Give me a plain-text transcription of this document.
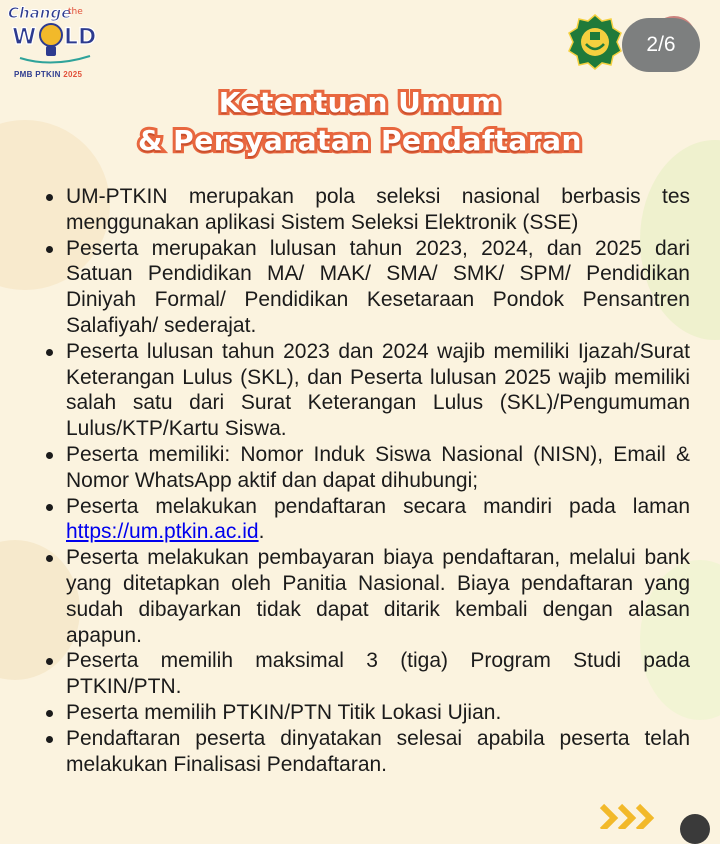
Change
the
W LD
PMB PTKIN 2025
2/6
Ketentuan Umum
& Persyaratan Pendaftaran
UM-PTKIN merupakan pola seleksi nasional berbasis tes menggunakan aplikasi Sistem Seleksi Elektronik (SSE)
Peserta merupakan lulusan tahun 2023, 2024, dan 2025 dari Satuan Pendidikan MA/ MAK/ SMA/ SMK/ SPM/ Pendidikan Diniyah Formal/ Pendidikan Kesetaraan Pondok Pensantren Salafiyah/ sederajat.
Peserta lulusan tahun 2023 dan 2024 wajib memiliki Ijazah/Surat Keterangan Lulus (SKL), dan Peserta lulusan 2025 wajib memiliki salah satu dari Surat Keterangan Lulus (SKL)/Pengumuman Lulus/KTP/Kartu Siswa.
Peserta memiliki: Nomor Induk Siswa Nasional (NISN), Email & Nomor WhatsApp aktif dan dapat dihubungi;
Peserta melakukan pendaftaran secara mandiri pada laman https://um.ptkin.ac.id.
Peserta melakukan pembayaran biaya pendaftaran, melalui bank yang ditetapkan oleh Panitia Nasional. Biaya pendaftaran yang sudah dibayarkan tidak dapat ditarik kembali dengan alasan apapun.
Peserta memilih maksimal 3 (tiga) Program Studi pada PTKIN/PTN.
Peserta memilih PTKIN/PTN Titik Lokasi Ujian.
Pendaftaran peserta dinyatakan selesai apabila peserta telah melakukan Finalisasi Pendaftaran.
